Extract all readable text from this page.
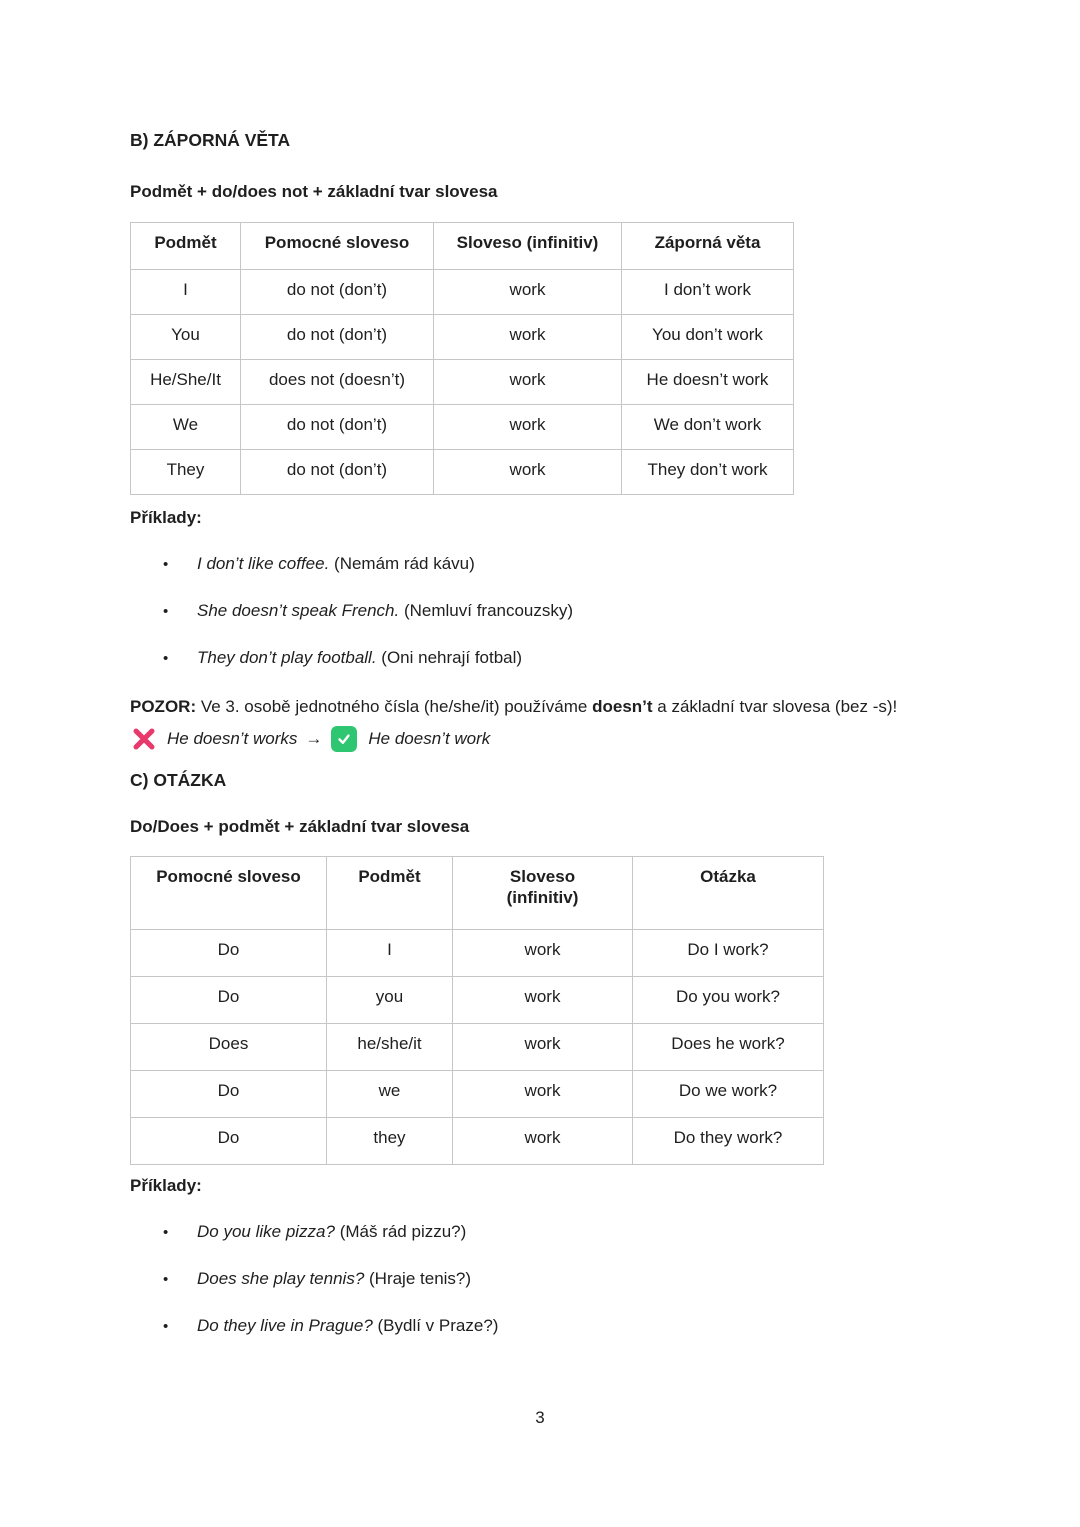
B) ZÁPORNÁ VĚTA
Podmět + do/does not + základní tvar slovesa
Podmět	Pomocné sloveso	Sloveso (infinitiv)	Záporná věta
I	do not (don’t)	work	I don’t work
You	do not (don’t)	work	You don’t work
He/She/It	does not (doesn’t)	work	He doesn’t work
We	do not (don’t)	work	We don’t work
They	do not (don’t)	work	They don’t work
Příklady:
•
I don’t like coffee. (Nemám rád kávu)
•
She doesn’t speak French. (Nemluví francouzsky)
•
They don’t play football. (Oni nehrají fotbal)
POZOR: Ve 3. osobě jednotného čísla (he/she/it) používáme doesn’t a základní tvar slovesa (bez -s)!
He doesn’t works →	He doesn’t work
C) OTÁZKA
Do/Does + podmět + základní tvar slovesa
Pomocné sloveso	Podmět	Sloveso (infinitiv)	Otázka
Do	I	work	Do I work?
Do	you	work	Do you work?
Does	he/she/it	work	Does he work?
Do	we	work	Do we work?
Do	they	work	Do they work?
Příklady:
•
Do you like pizza? (Máš rád pizzu?)
•
Does she play tennis? (Hraje tenis?)
•
Do they live in Prague? (Bydlí v Praze?)
3
